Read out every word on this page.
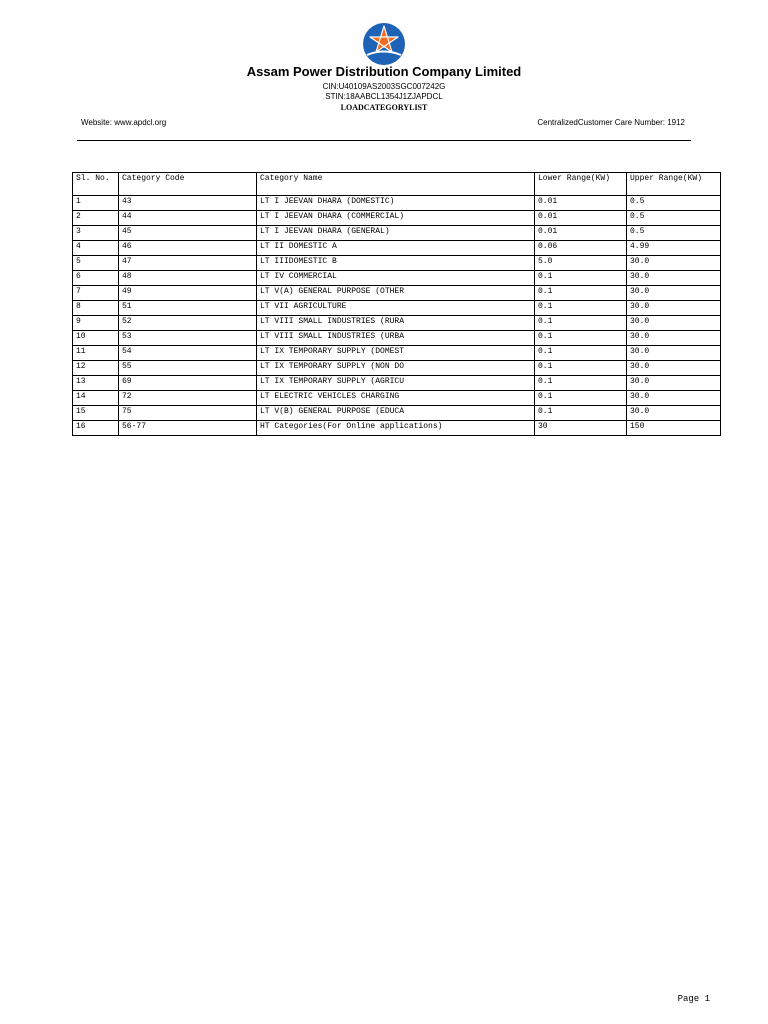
Assam Power Distribution Company Limited
CIN:U40109AS2003SGC007242G
STIN:18AABCL1354J1ZJAPDCL
LOADCATEGORYLIST
Website: www.apdcl.org	CentralizedCustomer Care Number: 1912
Sl. No.	Category Code	Category Name	Lower Range(KW)	Upper Range(KW)
1	43	LT I JEEVAN DHARA (DOMESTIC)	0.01	0.5
2	44	LT I JEEVAN DHARA (COMMERCIAL)	0.01	0.5
3	45	LT I JEEVAN DHARA (GENERAL)	0.01	0.5
4	46	LT II DOMESTIC A	0.06	4.99
5	47	LT IIIDOMESTIC B	5.0	30.0
6	48	LT IV COMMERCIAL	0.1	30.0
7	49	LT V(A) GENERAL PURPOSE (OTHER	0.1	30.0
8	51	LT VII AGRICULTURE	0.1	30.0
9	52	LT VIII SMALL INDUSTRIES (RURA	0.1	30.0
10	53	LT VIII SMALL INDUSTRIES (URBA	0.1	30.0
11	54	LT IX TEMPORARY SUPPLY (DOMEST	0.1	30.0
12	55	LT IX TEMPORARY SUPPLY (NON DO	0.1	30.0
13	69	LT IX TEMPORARY SUPPLY (AGRICU	0.1	30.0
14	72	LT ELECTRIC VEHICLES CHARGING	0.1	30.0
15	75	LT V(B) GENERAL PURPOSE (EDUCA	0.1	30.0
16	56-77	HT Categories(For Online applications)	30	150
Page 1
